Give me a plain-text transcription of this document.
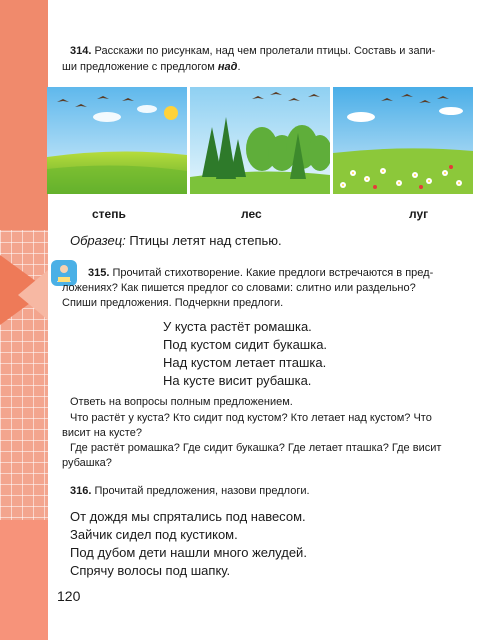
314. Расскажи по рисункам, над чем пролетали птицы. Составь и запи-
ши предложение с предлогом над.
степь	лес	луг
Образец: Птицы летят над степью.
315. Прочитай стихотворение. Какие предлоги встречаются в пред-
ложениях? Как пишется предлог со словами: слитно или раздельно?
Спиши предложения. Подчеркни предлоги.
У куста растёт ромашка.
Под кустом сидит букашка.
Над кустом летает пташка.
На кусте висит рубашка.
Ответь на вопросы полным предложением.
Что растёт у куста? Кто сидит под кустом? Кто летает над кустом? Что
висит на кусте?
Где растёт ромашка? Где сидит букашка? Где летает пташка? Где висит
рубашка?
316. Прочитай предложения, назови предлоги.
От дождя мы спрятались под навесом.
Зайчик сидел под кустиком.
Под дубом дети нашли много желудей.
Спрячу волосы под шапку.
120
